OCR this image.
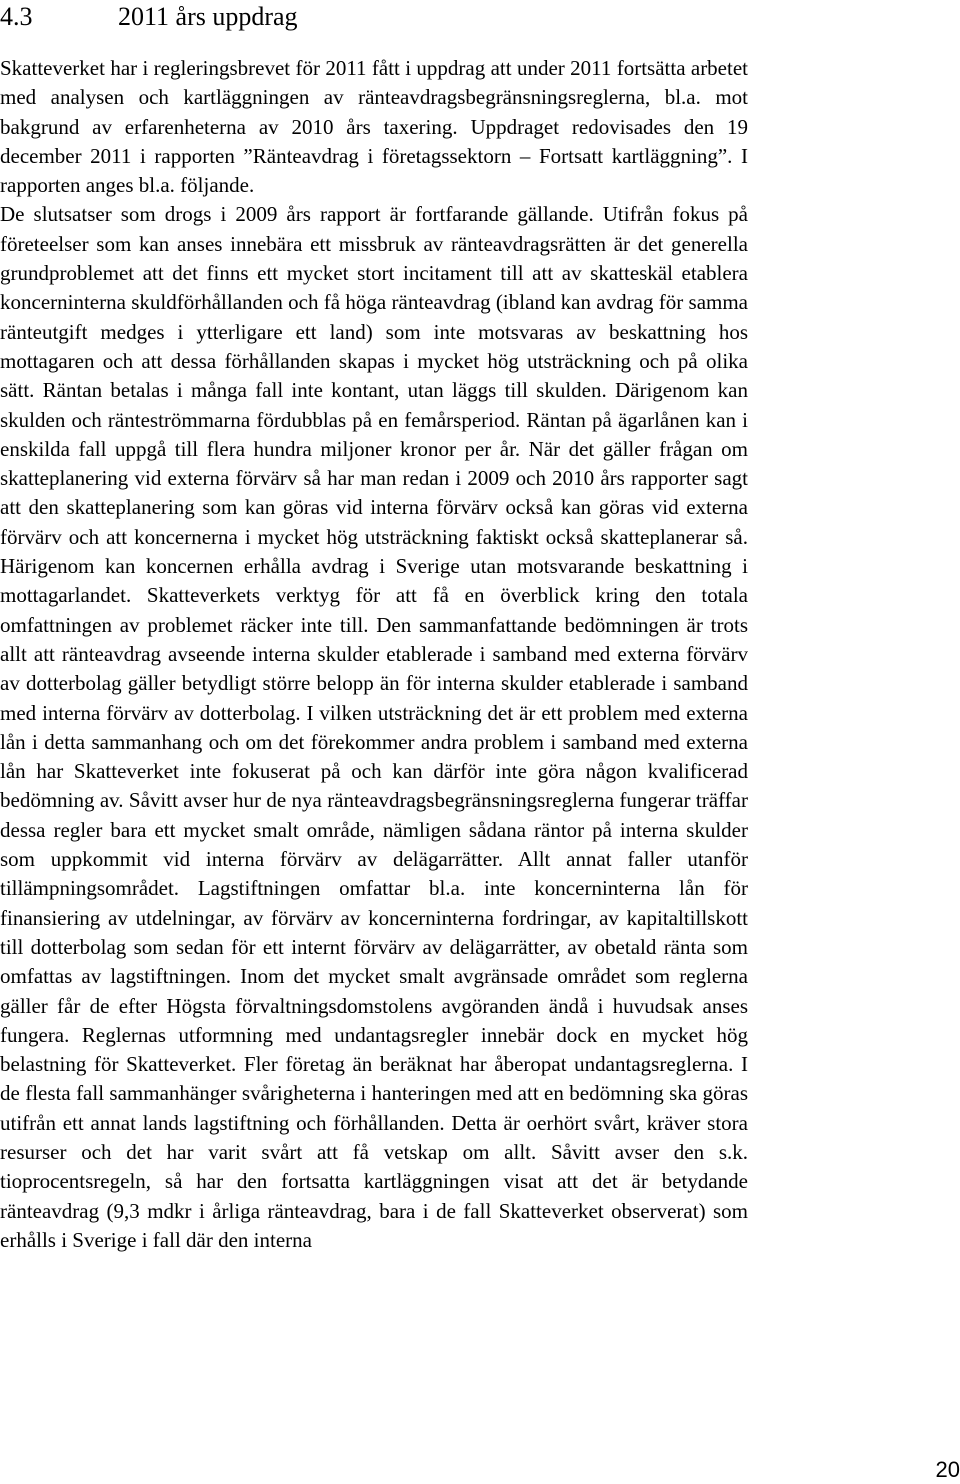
4.3	2011 års uppdrag

Skatteverket har i regleringsbrevet för 2011 fått i uppdrag att under 2011 fortsätta arbetet med analysen och kartläggningen av ränteavdragsbegränsningsreglerna, bl.a. mot bakgrund av erfarenheterna av 2010 års taxering. Uppdraget redovisades den 19 december 2011 i rapporten ”Ränteavdrag i företagssektorn – Fortsatt kartläggning”. I rapporten anges bl.a. följande.

De slutsatser som drogs i 2009 års rapport är fortfarande gällande. Utifrån fokus på företeelser som kan anses innebära ett missbruk av ränteavdragsrätten är det generella grundproblemet att det finns ett mycket stort incitament till att av skatteskäl etablera koncerninterna skuldförhållanden och få höga ränteavdrag (ibland kan avdrag för samma ränteutgift medges i ytterligare ett land) som inte motsvaras av beskattning hos mottagaren och att dessa förhållanden skapas i mycket hög utsträckning och på olika sätt. Räntan betalas i många fall inte kontant, utan läggs till skulden. Därigenom kan skulden och ränteströmmarna fördubblas på en femårsperiod. Räntan på ägarlånen kan i enskilda fall uppgå till flera hundra miljoner kronor per år. När det gäller frågan om skatteplanering vid externa förvärv så har man redan i 2009 och 2010 års rapporter sagt att den skatteplanering som kan göras vid interna förvärv också kan göras vid externa förvärv och att koncernerna i mycket hög utsträckning faktiskt också skatteplanerar så. Härigenom kan koncernen erhålla avdrag i Sverige utan motsvarande beskattning i mottagarlandet. Skatteverkets verktyg för att få en överblick kring den totala omfattningen av problemet räcker inte till. Den sammanfattande bedömningen är trots allt att ränteavdrag avseende interna skulder etablerade i samband med externa förvärv av dotterbolag gäller betydligt större belopp än för interna skulder etablerade i samband med interna förvärv av dotterbolag. I vilken utsträckning det är ett problem med externa lån i detta sammanhang och om det förekommer andra problem i samband med externa lån har Skatteverket inte fokuserat på och kan därför inte göra någon kvalificerad bedömning av. Såvitt avser hur de nya ränteavdragsbegränsningsreglerna fungerar träffar dessa regler bara ett mycket smalt område, nämligen sådana räntor på interna skulder som uppkommit vid interna förvärv av delägarrätter. Allt annat faller utanför tillämpningsområdet. Lagstiftningen omfattar bl.a. inte koncerninterna lån för finansiering av utdelningar, av förvärv av koncerninterna fordringar, av kapitaltillskott till dotterbolag som sedan för ett internt förvärv av delägarrätter, av obetald ränta som omfattas av lagstiftningen. Inom det mycket smalt avgränsade området som reglerna gäller får de efter Högsta förvaltningsdomstolens avgöranden ändå i huvudsak anses fungera. Reglernas utformning med undantagsregler innebär dock en mycket hög belastning för Skatteverket. Fler företag än beräknat har åberopat undantagsreglerna. I de flesta fall sammanhänger svårigheterna i hanteringen med att en bedömning ska göras utifrån ett annat lands lagstiftning och förhållanden. Detta är oerhört svårt, kräver stora resurser och det har varit svårt att få vetskap om allt. Såvitt avser den s.k. tioprocentsregeln, så har den fortsatta kartläggningen visat att det är betydande ränteavdrag (9,3 mdkr i årliga ränteavdrag, bara i de fall Skatteverket observerat) som erhålls i Sverige i fall där den interna

20
